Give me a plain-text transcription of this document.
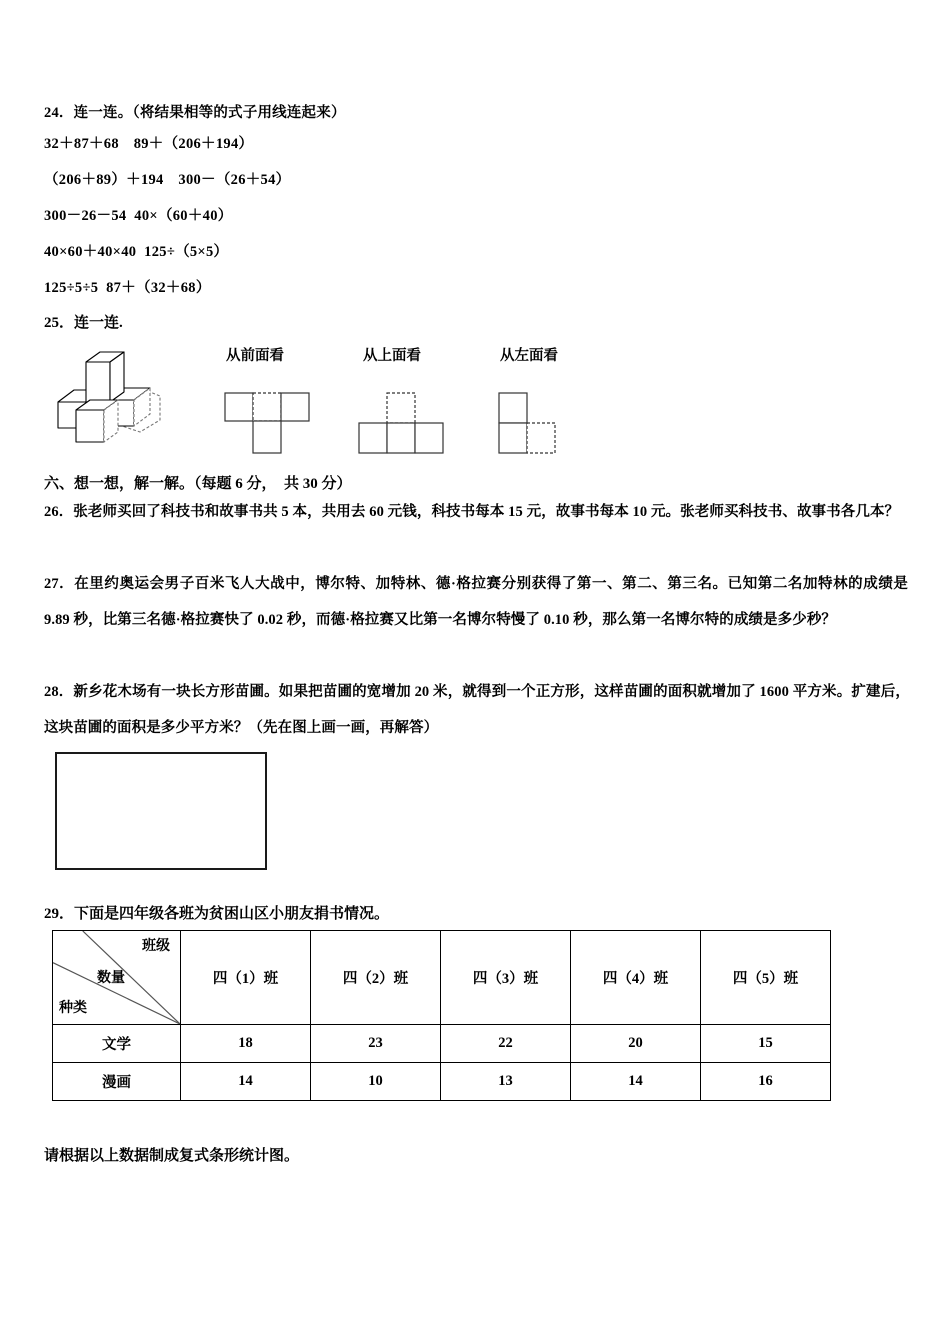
24．连一连。（将结果相等的式子用线连起来）
32＋87＋68　89＋（206＋194）
（206＋89）＋194　300－（26＋54）
300－26－54  40×（60＋40）
40×60＋40×40  125÷（5×5）
125÷5÷5  87＋（32＋68）
25．连一连.
从前面看	从上面看	从左面看
六、想一想，解一解。（每题 6 分，  共 30 分）
26．张老师买回了科技书和故事书共 5 本，共用去 60 元钱，科技书每本 15 元，故事书每本 10 元。张老师买科技书、故事书各几本？
27．在里约奥运会男子百米飞人大战中，博尔特、加特林、德·格拉赛分别获得了第一、第二、第三名。已知第二名加特林的成绩是 9.89 秒，比第三名德·格拉赛快了 0.02 秒，而德·格拉赛又比第一名博尔特慢了 0.10 秒，那么第一名博尔特的成绩是多少秒？
28．新乡花木场有一块长方形苗圃。如果把苗圃的宽增加 20 米，就得到一个正方形，这样苗圃的面积就增加了 1600 平方米。扩建后，这块苗圃的面积是多少平方米？（先在图上画一画，再解答）
29．下面是四年级各班为贫困山区小朋友捐书情况。
班级
数量
种类	四（1）班	四（2）班	四（3）班	四（4）班	四（5）班
文学	18	23	22	20	15
漫画	14	10	13	14	16
请根据以上数据制成复式条形统计图。
